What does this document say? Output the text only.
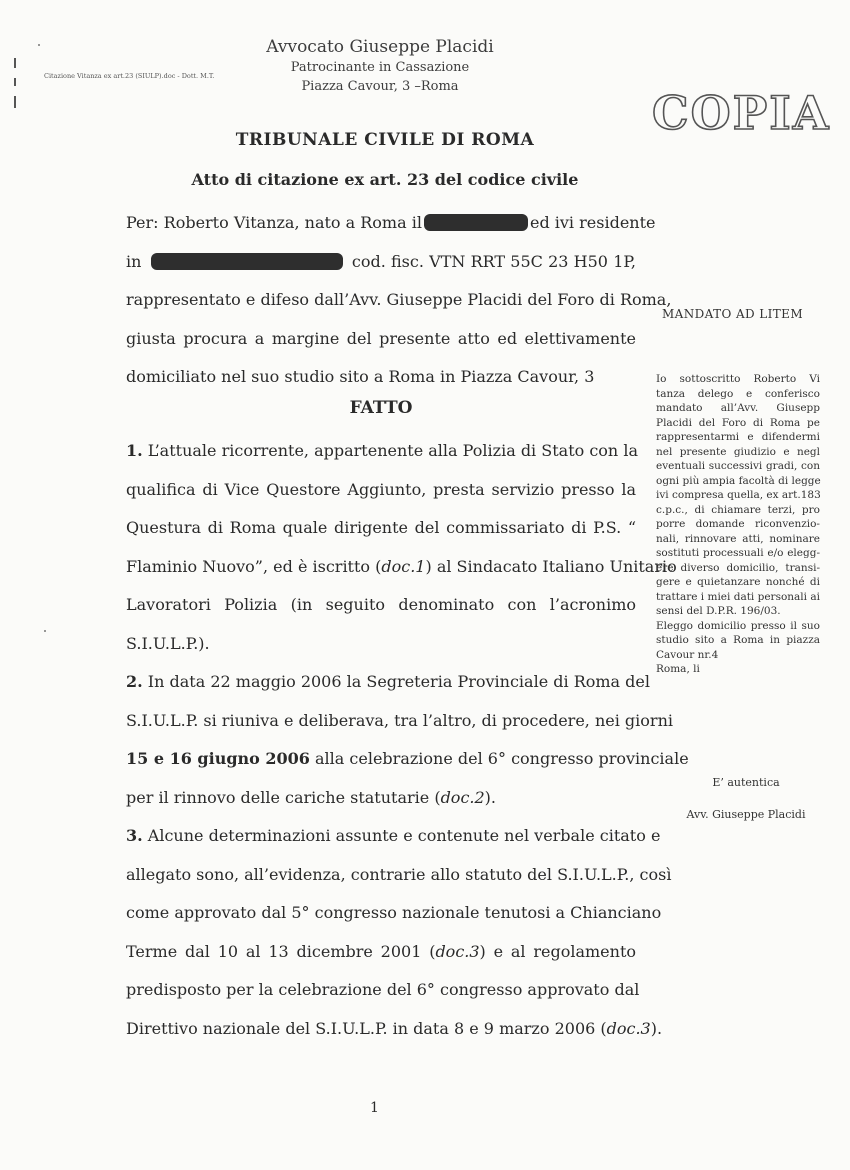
Citazione Vitanza ex art.23 (SIULP).doc - Dott. M.T.
Avvocato Giuseppe Placidi
Patrocinante in Cassazione
Piazza Cavour, 3 –Roma	COPIA
TRIBUNALE CIVILE DI ROMA
Atto di citazione ex art. 23 del codice civile
Per: Roberto Vitanza, nato a Roma il	ed ivi residente
in	cod. fisc. VTN RRT 55C 23 H50 1P,
rappresentato e difeso dall’Avv. Giuseppe Placidi del Foro di Roma,
giusta procura a margine del presente atto ed elettivamente
domiciliato nel suo studio sito a Roma in Piazza Cavour, 3
FATTO
1. L’attuale ricorrente, appartenente alla Polizia di Stato con la
qualifica di Vice Questore Aggiunto, presta servizio presso la
Questura di Roma quale dirigente del commissariato di P.S. “
Flaminio Nuovo”, ed è iscritto (doc.1) al Sindacato Italiano Unitario
Lavoratori Polizia (in seguito denominato con l’acronimo
S.I.U.L.P.).
2. In data 22 maggio 2006 la Segreteria Provinciale di Roma del
S.I.U.L.P. si riuniva e deliberava, tra l’altro, di procedere, nei giorni
15 e 16 giugno 2006 alla celebrazione del 6° congresso provinciale
per il rinnovo delle cariche statutarie (doc.2).
3. Alcune determinazioni assunte e contenute nel verbale citato e
allegato sono, all’evidenza, contrarie allo statuto del S.I.U.L.P., così
come approvato dal 5° congresso nazionale tenutosi a Chianciano
Terme dal 10 al 13 dicembre 2001 (doc.3) e al regolamento
predisposto per la celebrazione del 6° congresso approvato dal
Direttivo nazionale del S.I.U.L.P. in data 8 e 9 marzo 2006 (doc.3).
MANDATO AD LITEM
Io sottoscritto Roberto Vi
tanza delego e conferisco
mandato all’Avv. Giusepp
Placidi del Foro di Roma pe
rappresentarmi e difendermi
nel presente giudizio e negl
eventuali successivi gradi, con
ogni più ampia facoltà di legge
ivi compresa quella, ex art.183
c.p.c., di chiamare terzi, pro
porre domande riconvenzio-
nali, rinnovare atti, nominare
sostituti processuali e/o elegg-
ere diverso domicilio, transi-
gere e quietanzare nonché di
trattare i miei dati personali ai
sensi del D.P.R. 196/03.
Eleggo domicilio presso il suo
studio sito a Roma in piazza
Cavour nr.4
Roma, li
E’ autentica
Avv. Giuseppe Placidi
1
